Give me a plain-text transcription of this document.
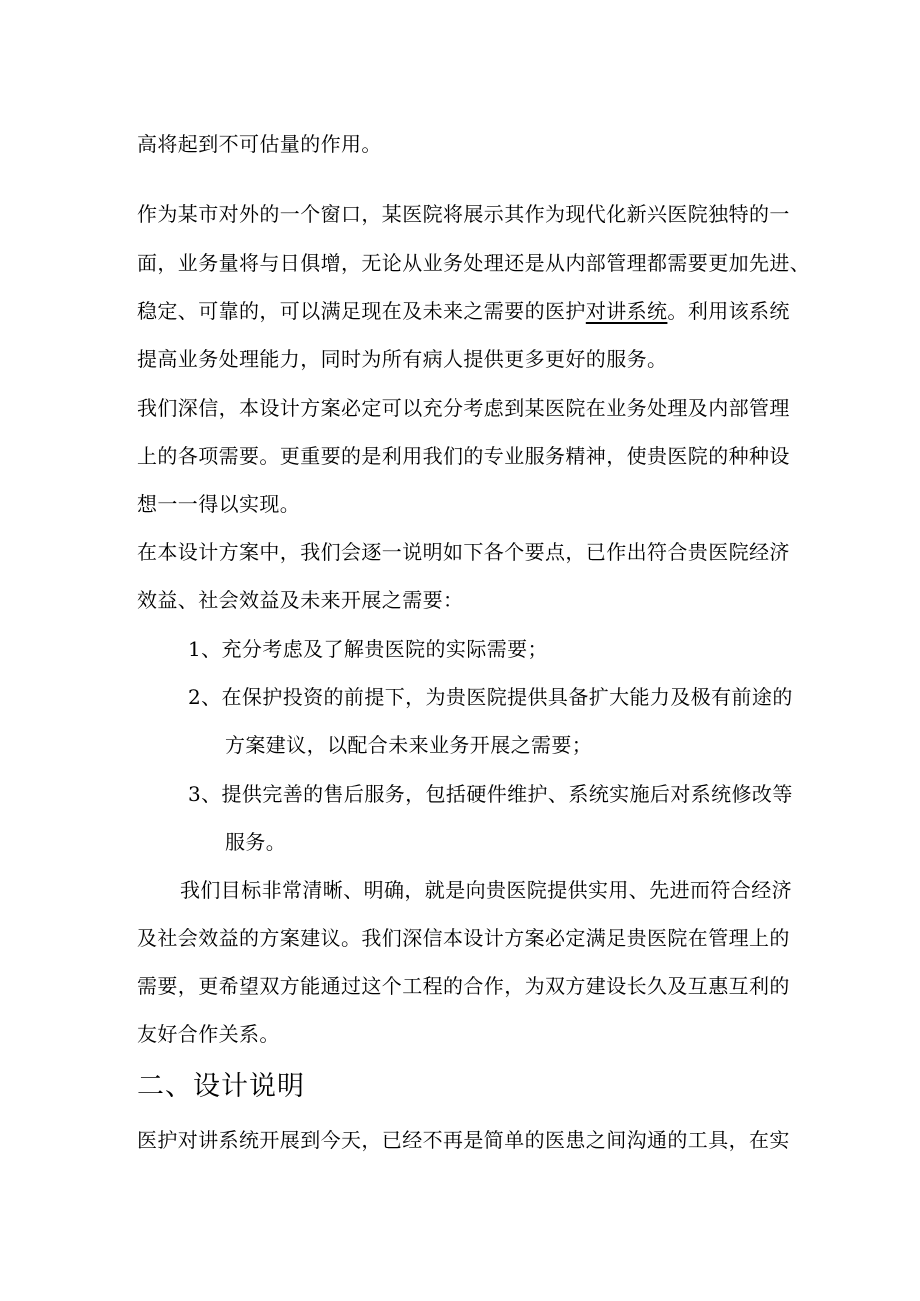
高将起到不可估量的作用。
作为某市对外的一个窗口，某医院将展示其作为现代化新兴医院独特的一
面，业务量将与日俱增，无论从业务处理还是从内部管理都需要更加先进、
稳定、可靠的，可以满足现在及未来之需要的医护对讲系统。利用该系统
提高业务处理能力，同时为所有病人提供更多更好的服务。
我们深信，本设计方案必定可以充分考虑到某医院在业务处理及内部管理
上的各项需要。更重要的是利用我们的专业服务精神，使贵医院的种种设
想一一得以实现。
在本设计方案中，我们会逐一说明如下各个要点，已作出符合贵医院经济
效益、社会效益及未来开展之需要：
1、充分考虑及了解贵医院的实际需要；
2、在保护投资的前提下，为贵医院提供具备扩大能力及极有前途的
方案建议，以配合未来业务开展之需要；
3、提供完善的售后服务，包括硬件维护、系统实施后对系统修改等
服务。
我们目标非常清晰、明确，就是向贵医院提供实用、先进而符合经济
及社会效益的方案建议。我们深信本设计方案必定满足贵医院在管理上的
需要，更希望双方能通过这个工程的合作，为双方建设长久及互惠互利的
友好合作关系。
二、设计说明
医护对讲系统开展到今天，已经不再是简单的医患之间沟通的工具，在实
